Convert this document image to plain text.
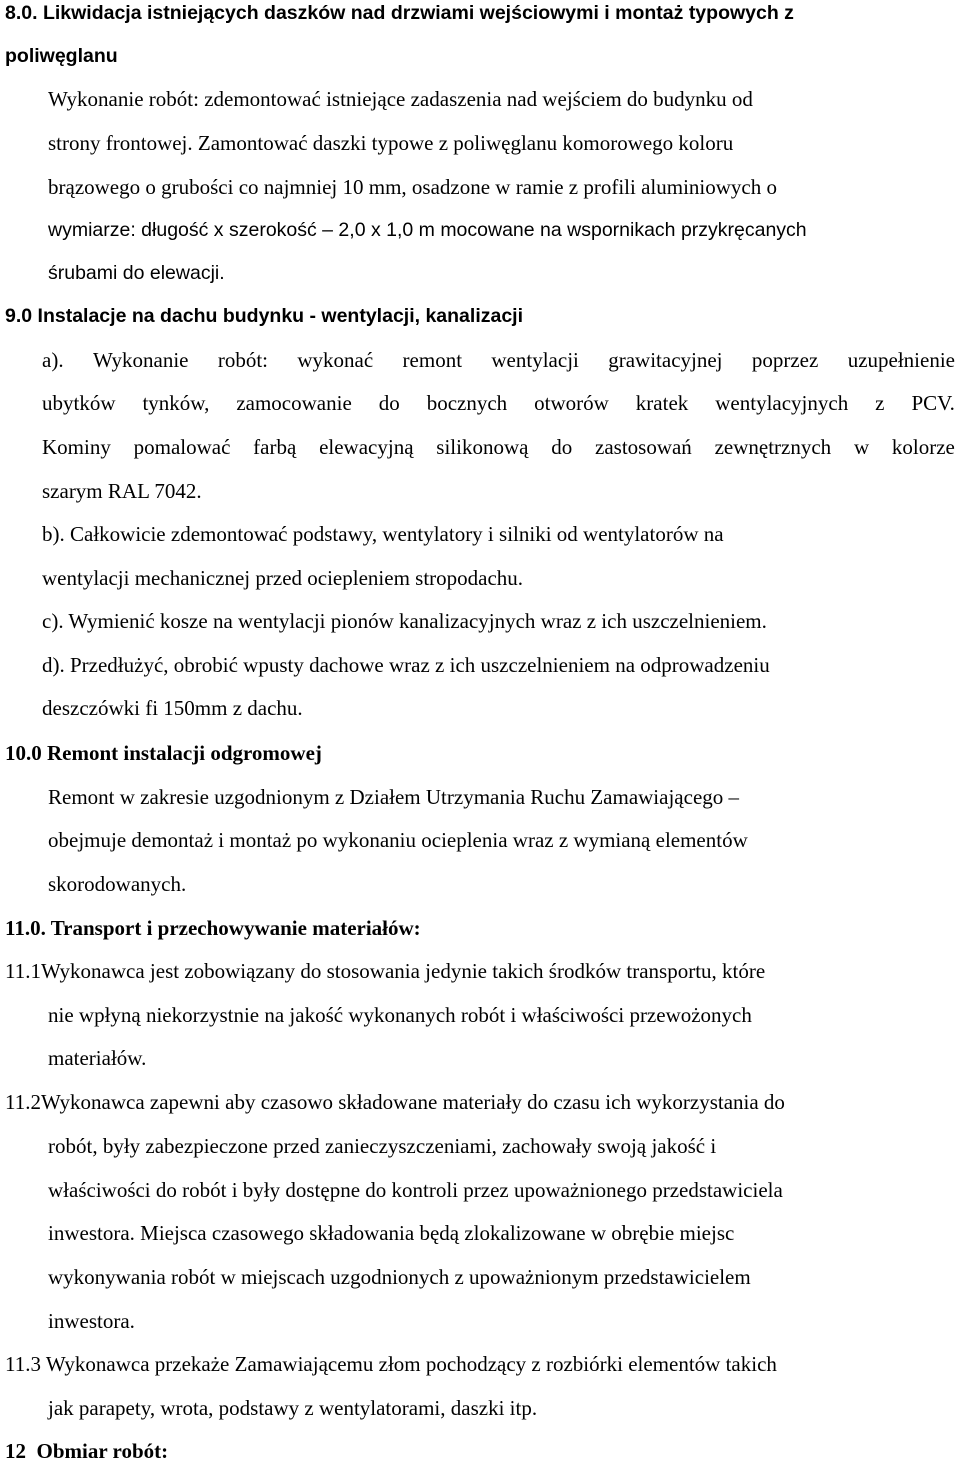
8.0. Likwidacja istniejących daszków nad drzwiami wejściowymi i montaż typowych z
poliwęglanu
Wykonanie robót: zdemontować istniejące zadaszenia nad wejściem do budynku od
strony frontowej. Zamontować daszki typowe z poliwęglanu komorowego koloru
brązowego o grubości co najmniej 10 mm, osadzone w ramie z profili aluminiowych o
wymiarze: długość x szerokość – 2,0 x 1,0 m mocowane na wspornikach przykręcanych
śrubami do elewacji.
9.0 Instalacje na dachu budynku - wentylacji, kanalizacji
a). Wykonanie robót: wykonać remont wentylacji grawitacyjnej poprzez uzupełnienie
ubytków tynków, zamocowanie do bocznych otworów kratek wentylacyjnych z PCV.
Kominy pomalować farbą elewacyjną silikonową do zastosowań zewnętrznych w kolorze
szarym RAL 7042.
b). Całkowicie zdemontować podstawy, wentylatory i silniki od wentylatorów na
wentylacji mechanicznej przed ociepleniem stropodachu.
c). Wymienić kosze na wentylacji pionów kanalizacyjnych wraz z ich uszczelnieniem.
d). Przedłużyć, obrobić wpusty dachowe wraz z ich uszczelnieniem na odprowadzeniu
deszczówki fi 150mm z dachu.
10.0 Remont instalacji odgromowej
Remont w zakresie uzgodnionym z Działem Utrzymania Ruchu Zamawiającego –
obejmuje demontaż i montaż po wykonaniu ocieplenia wraz z wymianą elementów
skorodowanych.
11.0. Transport i przechowywanie materiałów:
11.1Wykonawca jest zobowiązany do stosowania jedynie takich środków transportu, które
nie wpłyną niekorzystnie na jakość wykonanych robót i właściwości przewożonych
materiałów.
11.2Wykonawca zapewni aby czasowo składowane materiały do czasu ich wykorzystania do
robót, były zabezpieczone przed zanieczyszczeniami, zachowały swoją jakość i
właściwości do robót i były dostępne do kontroli przez upoważnionego przedstawiciela
inwestora. Miejsca czasowego składowania będą zlokalizowane w obrębie miejsc
wykonywania robót w miejscach uzgodnionych z upoważnionym przedstawicielem
inwestora.
11.3 Wykonawca przekaże Zamawiającemu złom pochodzący z rozbiórki elementów takich
jak parapety, wrota, podstawy z wentylatorami, daszki itp.
12  Obmiar robót:
